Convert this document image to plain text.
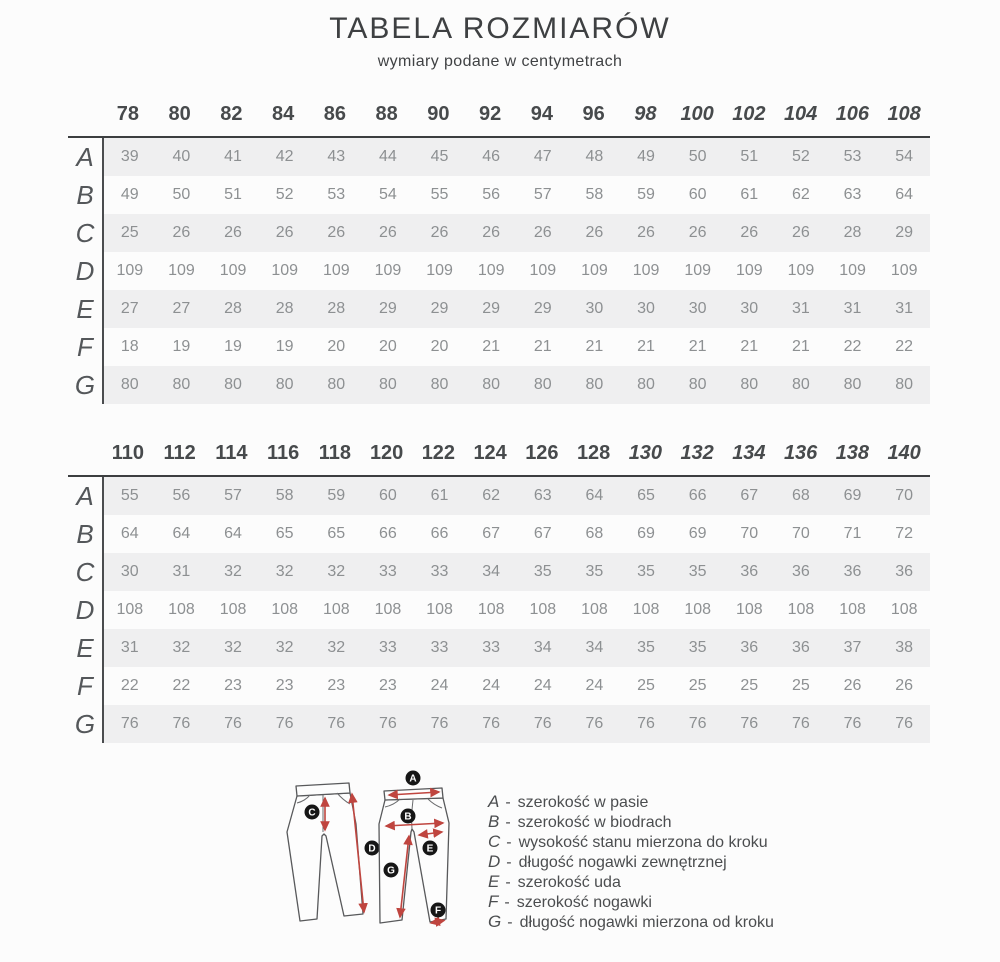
TABELA ROZMIARÓW
wymiary podane w centymetrach
78	80	82	84	86	88	90	92	94	96	98	100 102 104 106 108
A	39	40	41	42	43	44	45	46	47	48	49	50	51	52	53	54
B	49	50	51	52	53	54	55	56	57	58	59	60	61	62	63	64
C	25	26	26	26	26	26	26	26	26	26	26	26	26	26	28	29
D	109	109	109	109	109	109	109	109	109	109	109	109	109	109	109	109
E	27	27	28	28	28	29	29	29	29	30	30	30	30	31	31	31
F	18	19	19	19	20	20	20	21	21	21	21	21	21	21	22	22
G	80	80	80	80	80	80	80	80	80	80	80	80	80	80	80	80
110 112 114 116 118 120 122 124 126 128 130 132 134 136 138 140
A	55	56	57	58	59	60	61	62	63	64	65	66	67	68	69	70
B	64	64	64	65	65	66	66	67	67	68	69	69	70	70	71	72
C	30	31	32	32	32	33	33	34	35	35	35	35	36	36	36	36
D	108	108	108	108	108	108	108	108	108	108	108	108	108	108	108	108
E	31	32	32	32	32	33	33	33	34	34	35	35	36	36	37	38
F	22	22	23	23	23	23	24	24	24	24	25	25	25	25	26	26
G	76	76	76	76	76	76	76	76	76	76	76	76	76	76	76	76
C
D
A
B
E
G
F
A - szerokość w pasie
B - szerokość w biodrach
C - wysokość stanu mierzona do kroku
D - długość nogawki zewnętrznej
E - szerokość uda
F - szerokość nogawki
G - długość nogawki mierzona od kroku
